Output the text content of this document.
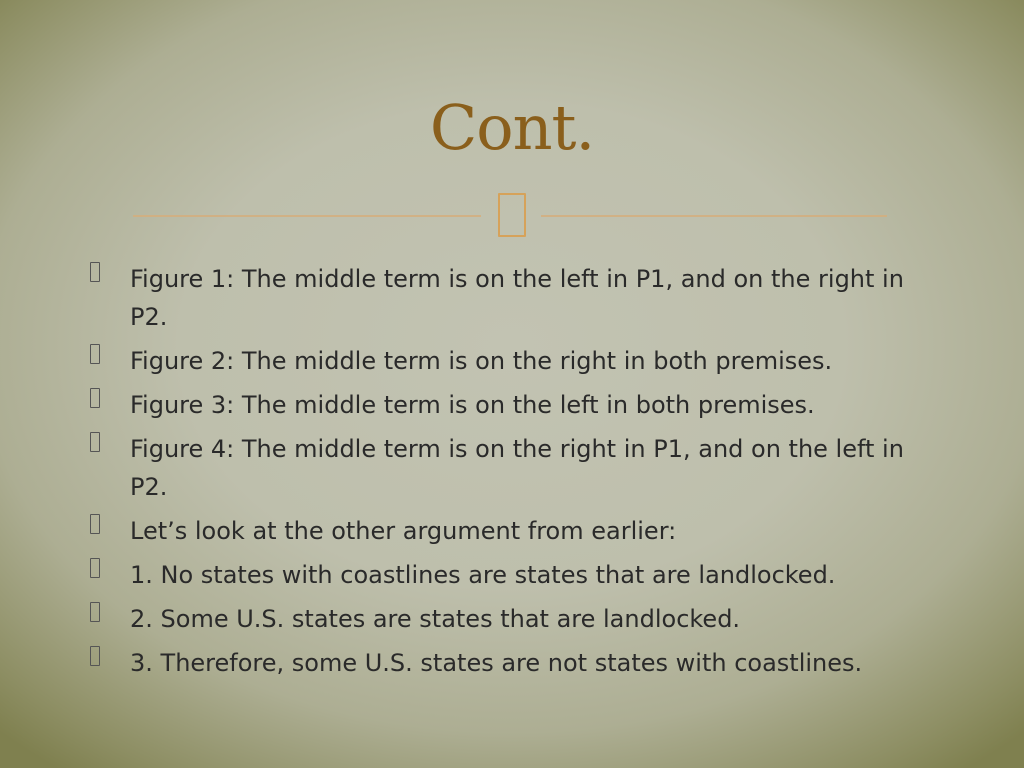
Cont.
Figure 1: The middle term is on the left in P1, and on the right in P2.
Figure 2: The middle term is on the right in both premises.
Figure 3: The middle term is on the left in both premises.
Figure 4: The middle term is on the right in P1, and on the left in P2.
Let’s look at the other argument from earlier:
1. No states with coastlines are states that are landlocked.
2. Some U.S. states are states that are landlocked.
3. Therefore, some U.S. states are not states with coastlines.
